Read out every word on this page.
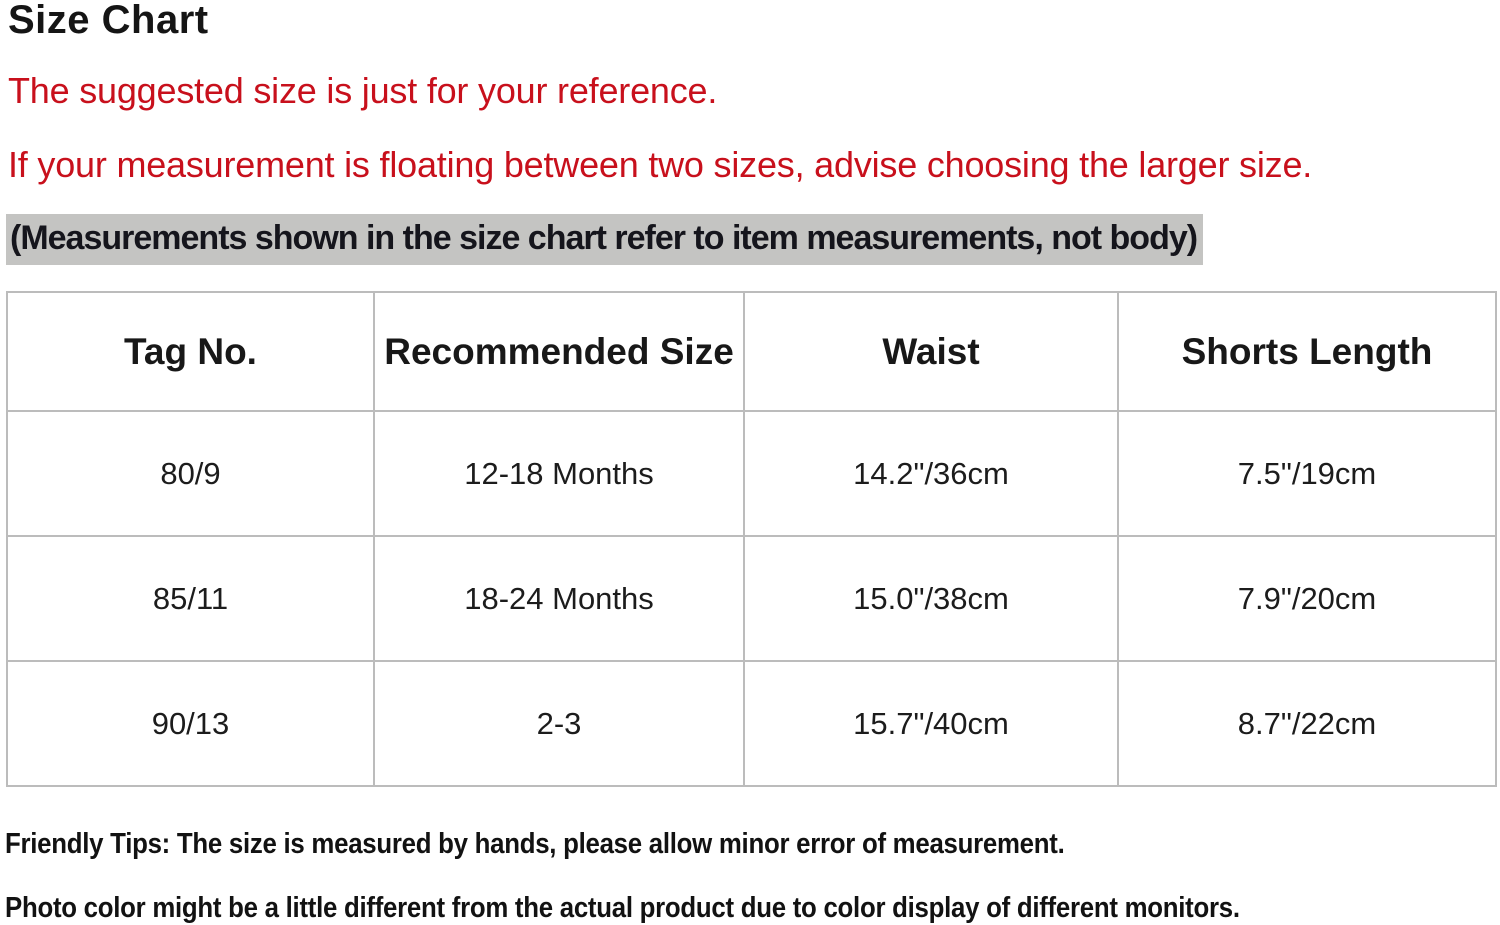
Size Chart

The suggested size is just for your reference.

If your measurement is floating between two sizes, advise choosing the larger size.

(Measurements shown in the size chart refer to item measurements, not body)

Tag No.	Recommended Size	Waist	Shorts Length
80/9	12-18 Months	14.2"/36cm	7.5"/19cm
85/11	18-24 Months	15.0"/38cm	7.9"/20cm
90/13	2-3	15.7"/40cm	8.7"/22cm

Friendly Tips: The size is measured by hands, please allow minor error of measurement.

Photo color might be a little different from the actual product due to color display of different monitors.
